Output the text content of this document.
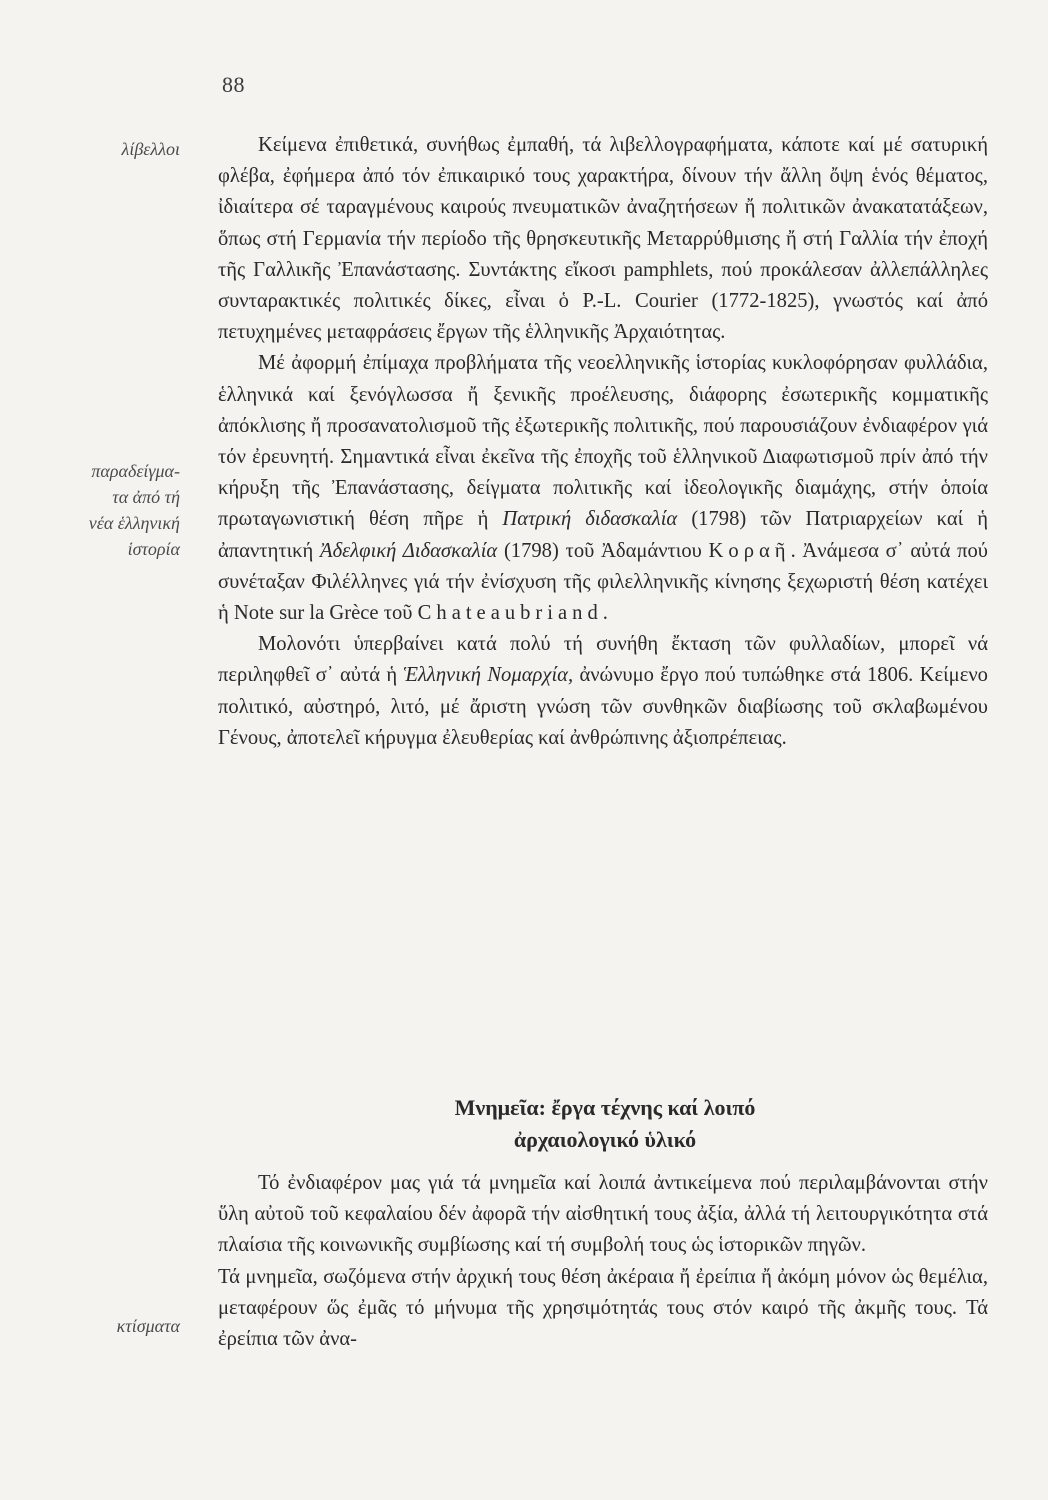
88
λίβελλοι
παραδείγμα-
τα ἀπό τή
νέα ἑλληνική
ἱστορία
κτίσματα

Κείμενα ἐπιθετικά, συνήθως ἐμπαθή, τά λιβελλογραφήματα, κάποτε καί μέ σατυρική φλέβα, ἐφήμερα ἀπό τόν ἐπικαιρικό τους χαρακτήρα, δίνουν τήν ἄλλη ὄψη ἑνός θέματος, ἰδιαίτερα σέ ταραγμένους καιρούς πνευματικῶν ἀναζητήσεων ἤ πολιτικῶν ἀνακατατάξεων, ὅπως στή Γερμανία τήν περίοδο τῆς θρησκευτικῆς Μεταρρύθμισης ἤ στή Γαλλία τήν ἐποχή τῆς Γαλλικῆς Ἐπανάστασης. Συντάκτης εἴκοσι pamphlets, πού προκάλεσαν ἀλλεπάλληλες συνταρακτικές πολιτικές δίκες, εἶναι ὁ P.-L. Courier (1772-1825), γνωστός καί ἀπό πετυχημένες μεταφράσεις ἔργων τῆς ἑλληνικῆς Ἀρχαιότητας.

Μέ ἀφορμή ἐπίμαχα προβλήματα τῆς νεοελληνικῆς ἱστορίας κυκλοφόρησαν φυλλάδια, ἑλληνικά καί ξενόγλωσσα ἤ ξενικῆς προέλευσης, διάφορης ἐσωτερικῆς κομματικῆς ἀπόκλισης ἤ προσανατολισμοῦ τῆς ἐξωτερικῆς πολιτικῆς, πού παρουσιάζουν ἐνδιαφέρον γιά τόν ἐρευνητή. Σημαντικά εἶναι ἐκεῖνα τῆς ἐποχῆς τοῦ ἑλληνικοῦ Διαφωτισμοῦ πρίν ἀπό τήν κήρυξη τῆς Ἐπανάστασης, δείγματα πολιτικῆς καί ἰδεολογικῆς διαμάχης, στήν ὁποία πρωταγωνιστική θέση πῆρε ἡ Πατρική διδασκαλία (1798) τῶν Πατριαρχείων καί ἡ ἀπαντητική Ἀδελφική Διδασκαλία (1798) τοῦ Ἀδαμάντιου Κοραῆ. Ἀνάμεσα σ᾿ αὐτά πού συνέταξαν Φιλέλληνες γιά τήν ἐνίσχυση τῆς φιλελληνικῆς κίνησης ξεχωριστή θέση κατέχει ἡ Note sur la Grèce τοῦ Chateaubriand.

Μολονότι ὑπερβαίνει κατά πολύ τή συνήθη ἔκταση τῶν φυλλαδίων, μπορεῖ νά περιληφθεῖ σ᾿ αὐτά ἡ Ἑλληνική Νομαρχία, ἀνώνυμο ἔργο πού τυπώθηκε στά 1806. Κείμενο πολιτικό, αὐστηρό, λιτό, μέ ἄριστη γνώση τῶν συνθηκῶν διαβίωσης τοῦ σκλαβωμένου Γένους, ἀποτελεῖ κήρυγμα ἐλευθερίας καί ἀνθρώπινης ἀξιοπρέπειας.

Μνημεῖα: ἔργα τέχνης καί λοιπό
ἀρχαιολογικό ὑλικό

Τό ἐνδιαφέρον μας γιά τά μνημεῖα καί λοιπά ἀντικείμενα πού περιλαμβάνονται στήν ὕλη αὐτοῦ τοῦ κεφαλαίου δέν ἀφορᾶ τήν αἰσθητική τους ἀξία, ἀλλά τή λειτουργικότητα στά πλαίσια τῆς κοινωνικῆς συμβίωσης καί τή συμβολή τους ὡς ἱστορικῶν πηγῶν.

Τά μνημεῖα, σωζόμενα στήν ἀρχική τους θέση ἀκέραια ἤ ἐρείπια ἤ ἀκόμη μόνον ὡς θεμέλια, μεταφέρουν ὥς ἐμᾶς τό μήνυμα τῆς χρησιμότητάς τους στόν καιρό τῆς ἀκμῆς τους. Τά ἐρείπια τῶν ἀνα-
